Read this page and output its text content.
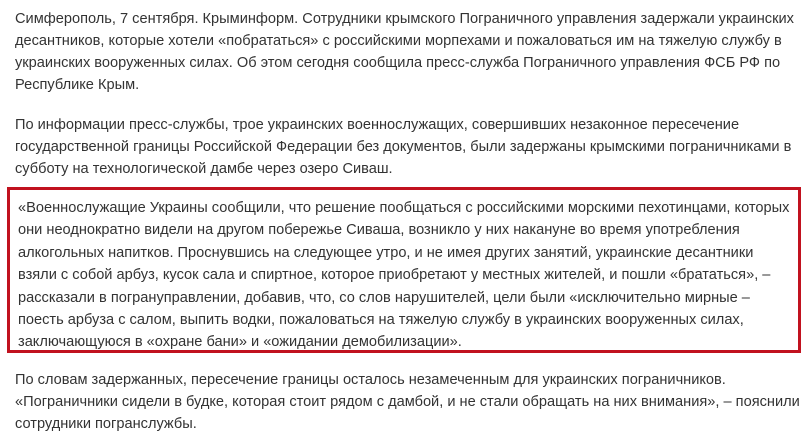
Симферополь, 7 сентября. Крыминформ. Сотрудники крымского Пограничного управления задержали украинских десантников, которые хотели «побрататься» с российскими морпехами и пожаловаться им на тяжелую службу в украинских вооруженных силах. Об этом сегодня сообщила пресс-служба Пограничного управления ФСБ РФ по Республике Крым.

По информации пресс-службы, трое украинских военнослужащих, совершивших незаконное пересечение государственной границы Российской Федерации без документов, были задержаны крымскими пограничниками в субботу на технологической дамбе через озеро Сиваш.

«Военнослужащие Украины сообщили, что решение пообщаться с российскими морскими пехотинцами, которых они неоднократно видели на другом побережье Сиваша, возникло у них накануне во время употребления алкогольных напитков. Проснувшись на следующее утро, и не имея других занятий, украинские десантники взяли с собой арбуз, кусок сала и спиртное, которое приобретают у местных жителей, и пошли «брататься», – рассказали в погрануправлении, добавив, что, со слов нарушителей, цели были «исключительно мирные – поесть арбуза с салом, выпить водки, пожаловаться на тяжелую службу в украинских вооруженных силах, заключающуюся в «охране бани» и «ожидании демобилизации».

По словам задержанных, пересечение границы осталось незамеченным для украинских пограничников. «Пограничники сидели в будке, которая стоит рядом с дамбой, и не стали обращать на них внимания», – пояснили сотрудники погранслужбы.
